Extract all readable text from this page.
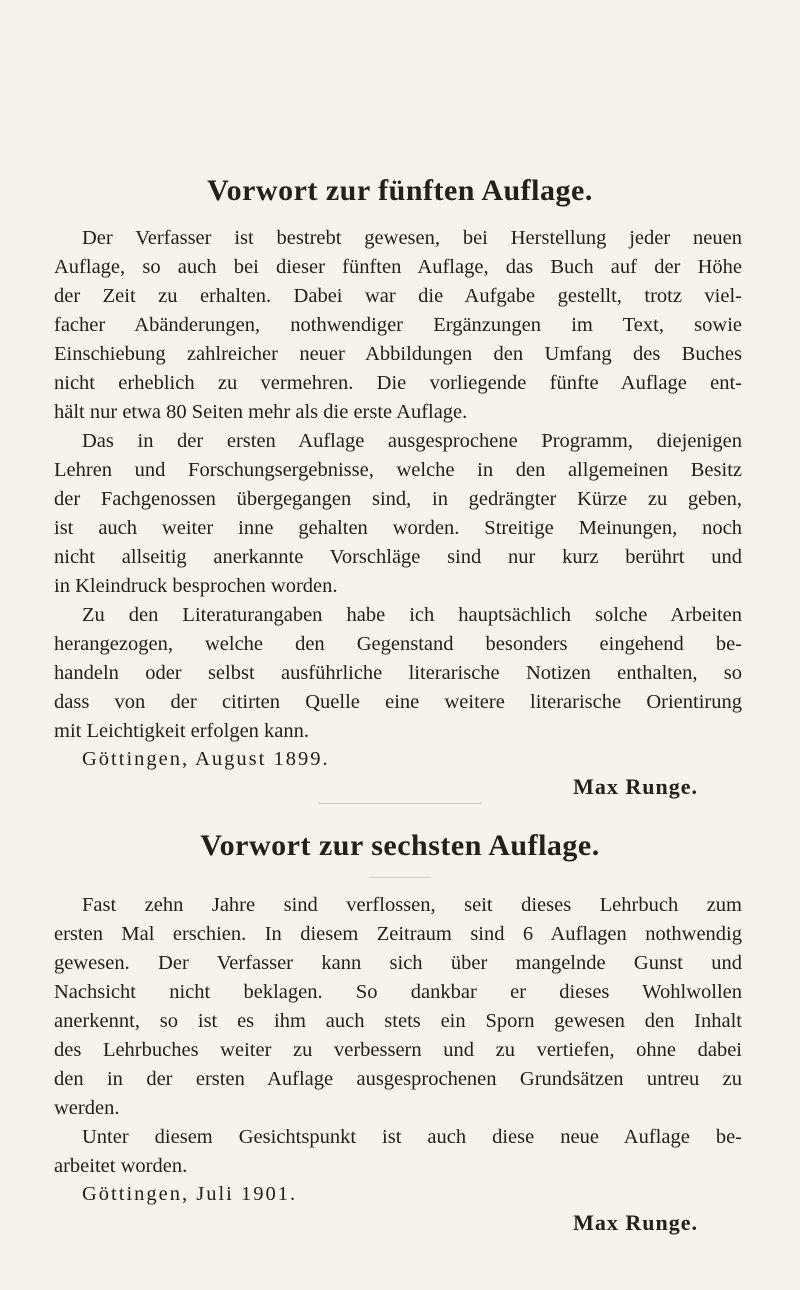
Vorwort zur fünften Auflage.

Der Verfasser ist bestrebt gewesen, bei Herstellung jeder neuen

Auflage, so auch bei dieser fünften Auflage, das Buch auf der Höhe

der Zeit zu erhalten. Dabei war die Aufgabe gestellt, trotz viel-

facher Abänderungen, nothwendiger Ergänzungen im Text, sowie

Einschiebung zahlreicher neuer Abbildungen den Umfang des Buches

nicht erheblich zu vermehren. Die vorliegende fünfte Auflage ent-

hält nur etwa 80 Seiten mehr als die erste Auflage.

Das in der ersten Auflage ausgesprochene Programm, diejenigen

Lehren und Forschungsergebnisse, welche in den allgemeinen Besitz

der Fachgenossen übergegangen sind, in gedrängter Kürze zu geben,

ist auch weiter inne gehalten worden. Streitige Meinungen, noch

nicht allseitig anerkannte Vorschläge sind nur kurz berührt und

in Kleindruck besprochen worden.

Zu den Literaturangaben habe ich hauptsächlich solche Arbeiten

herangezogen, welche den Gegenstand besonders eingehend be-

handeln oder selbst ausführliche literarische Notizen enthalten, so

dass von der citirten Quelle eine weitere literarische Orientirung

mit Leichtigkeit erfolgen kann.

Göttingen, August 1899.

Max Runge.

Vorwort zur sechsten Auflage.

Fast zehn Jahre sind verflossen, seit dieses Lehrbuch zum

ersten Mal erschien. In diesem Zeitraum sind 6 Auflagen nothwendig

gewesen. Der Verfasser kann sich über mangelnde Gunst und

Nachsicht nicht beklagen. So dankbar er dieses Wohlwollen

anerkennt, so ist es ihm auch stets ein Sporn gewesen den Inhalt

des Lehrbuches weiter zu verbessern und zu vertiefen, ohne dabei

den in der ersten Auflage ausgesprochenen Grundsätzen untreu zu

werden.

Unter diesem Gesichtspunkt ist auch diese neue Auflage be-

arbeitet worden.

Göttingen, Juli 1901.

Max Runge.
